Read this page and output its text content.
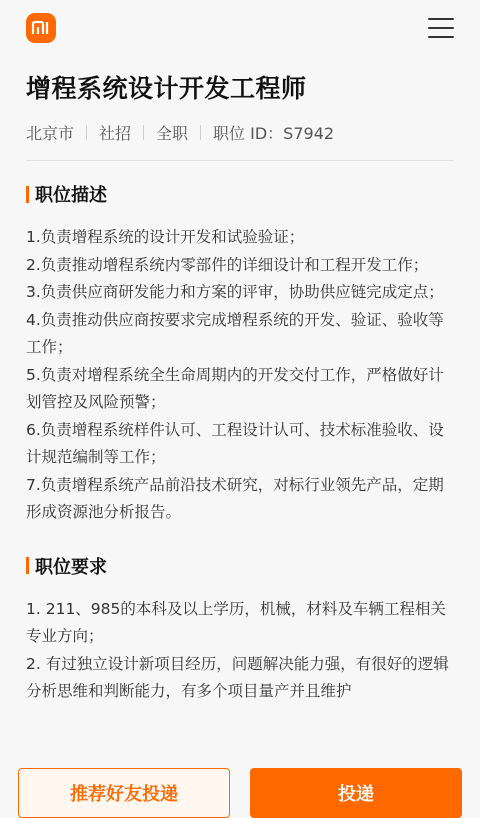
增程系统设计开发工程师
北京市 社招 全职 职位 ID：S7942
职位描述

1.负责增程系统的设计开发和试验验证；

2.负责推动增程系统内零部件的详细设计和工程开发工作；

3.负责供应商研发能力和方案的评审，协助供应链完成定点；

4.负责推动供应商按要求完成增程系统的开发、验证、验收等工作；

5.负责对增程系统全生命周期内的开发交付工作，严格做好计划管控及风险预警；

6.负责增程系统样件认可、工程设计认可、技术标准验收、设计规范编制等工作；

7.负责增程系统产品前沿技术研究，对标行业领先产品，定期形成资源池分析报告。

职位要求

1. 211、985的本科及以上学历，机械，材料及车辆工程相关专业方向；

2. 有过独立设计新项目经历，问题解决能力强，有很好的逻辑分析思维和判断能力，有多个项目量产并且维护

推荐好友投递	投递
